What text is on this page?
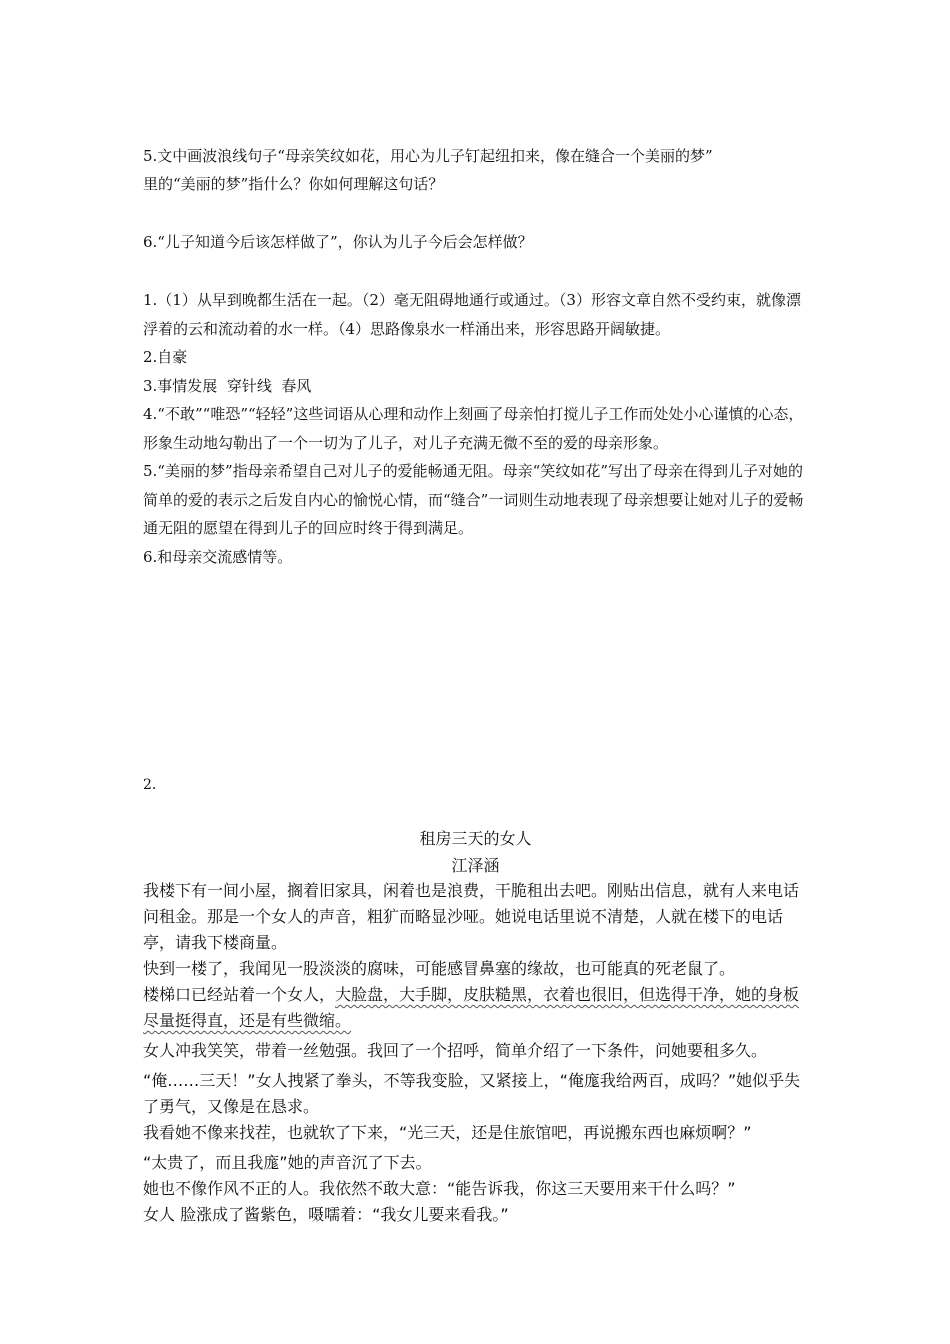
5.文中画波浪线句子“母亲笑纹如花，用心为儿子钉起纽扣来，像在缝合一个美丽的梦”

里的“美丽的梦”指什么？你如何理解这句话？

6.“儿子知道今后该怎样做了”，你认为儿子今后会怎样做？

1.（1）从早到晚都生活在一起。（2）毫无阻碍地通行或通过。（3）形容文章自然不受约束，就像漂浮着的云和流动着的水一样。（4）思路像泉水一样涌出来，形容思路开阔敏捷。

2.自豪

3.事情发展  穿针线  春风

4.“不敢”“唯恐”“轻轻”这些词语从心理和动作上刻画了母亲怕打搅儿子工作而处处小心谨慎的心态，形象生动地勾勒出了一个一切为了儿子，对儿子充满无微不至的爱的母亲形象。

5.“美丽的梦”指母亲希望自己对儿子的爱能畅通无阻。母亲“笑纹如花”写出了母亲在得到儿子对她的简单的爱的表示之后发自内心的愉悦心情，而“缝合”一词则生动地表现了母亲想要让她对儿子的爱畅通无阻的愿望在得到儿子的回应时终于得到满足。

6.和母亲交流感情等。

2．
租房三天的女人
江泽涵

我楼下有一间小屋，搁着旧家具，闲着也是浪费，干脆租出去吧。刚贴出信息，就有人来电话问租金。那是一个女人的声音，粗犷而略显沙哑。她说电话里说不清楚，人就在楼下的电话亭，请我下楼商量。

快到一楼了，我闻见一股淡淡的腐味，可能感冒鼻塞的缘故，也可能真的死老鼠了。

楼梯口已经站着一个女人，大脸盘，大手脚，皮肤糙黑，衣着也很旧，但选得干净，她的身板尽量挺得直，还是有些微缩。

女人冲我笑笑，带着一丝勉强。我回了一个招呼，简单介绍了一下条件，问她要租多久。

“俺……三天！”女人拽紧了拳头，不等我变脸，又紧接上，“俺庬我给两百，成吗？”她似乎失了勇气，又像是在恳求。

我看她不像来找茬，也就软了下来，“光三天，还是住旅馆吧，再说搬东西也麻烦啊？”

“太贵了，而且我庬”她的声音沉了下去。

她也不像作风不正的人。我依然不敢大意：“能告诉我，你这三天要用来干什么吗？”

女人 脸涨成了酱紫色，嗫嚅着：“我女儿要来看我。”
